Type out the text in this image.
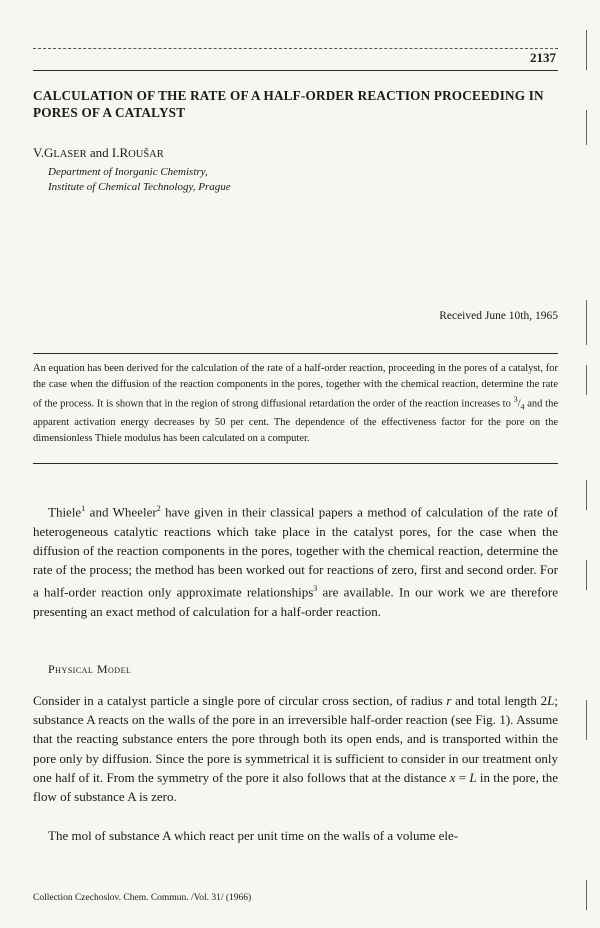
2137
CALCULATION OF THE RATE OF A HALF-ORDER REACTION PROCEEDING IN PORES OF A CATALYST
V.GLASER and I.ROUŠAR
Department of Inorganic Chemistry,
Institute of Chemical Technology, Prague
Received June 10th, 1965
An equation has been derived for the calculation of the rate of a half-order reaction, proceeding in the pores of a catalyst, for the case when the diffusion of the reaction components in the pores, together with the chemical reaction, determine the rate of the process. It is shown that in the region of strong diffusional retardation the order of the reaction increases to $^3/_4$ and the apparent activation energy decreases by 50 per cent. The dependence of the effectiveness factor for the pore on the dimensionless Thiele modulus has been calculated on a computer.
Thiele$^1$ and Wheeler$^2$ have given in their classical papers a method of calculation of the rate of heterogeneous catalytic reactions which take place in the catalyst pores, for the case when the diffusion of the reaction components in the pores, together with the chemical reaction, determine the rate of the process; the method has been worked out for reactions of zero, first and second order. For a half-order reaction only approximate relationships$^3$ are available. In our work we are therefore presenting an exact method of calculation for a half-order reaction.
Physical Model
Consider in a catalyst particle a single pore of circular cross section, of radius r and total length 2L; substance A reacts on the walls of the pore in an irreversible half-order reaction (see Fig. 1). Assume that the reacting substance enters the pore through both its open ends, and is transported within the pore only by diffusion. Since the pore is symmetrical it is sufficient to consider in our treatment only one half of it. From the symmetry of the pore it also follows that at the distance x = L in the pore, the flow of substance A is zero.
The mol of substance A which react per unit time on the walls of a volume ele-
Collection Czechoslov. Chem. Commun. /Vol. 31/ (1966)
